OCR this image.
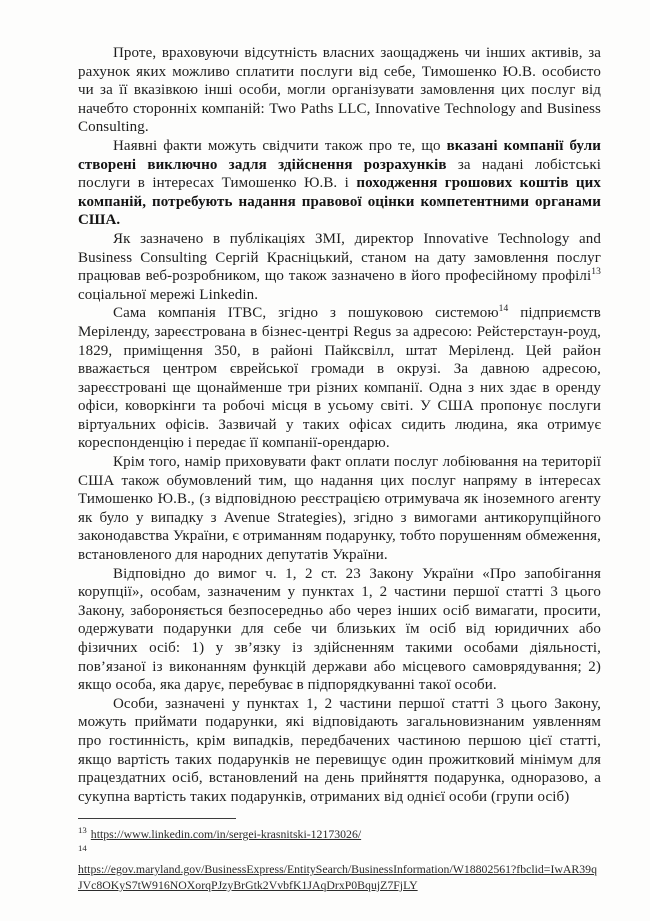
Проте, враховуючи відсутність власних заощаджень чи інших активів, за рахунок яких можливо сплатити послуги від себе, Тимошенко Ю.В. особисто чи за її вказівкою інші особи, могли організувати замовлення цих послуг від начебто сторонніх компаній: Two Paths LLC, Innovative Technology and Business Consulting.

Наявні факти можуть свідчити також про те, що вказані компанії були створені виключно задля здійснення розрахунків за надані лобістські послуги в інтересах Тимошенко Ю.В. і походження грошових коштів цих компаній, потребують надання правової оцінки компетентними органами США.

Як зазначено в публікаціях ЗМІ, директор Innovative Technology and Business Consulting Сергій Красніцький, станом на дату замовлення послуг працював веб-розробником, що також зазначено в його професійному профілі$^{13}$ соціальної мережі Linkedin.

Сама компанія ITBC, згідно з пошуковою системою$^{14}$ підприємств Меріленду, зареєстрована в бізнес-центрі Regus за адресою: Рейстерстаун-роуд, 1829, приміщення 350, в районі Пайксвілл, штат Меріленд. Цей район вважається центром єврейської громади в окрузі. За давною адресою, зареєстровані ще щонайменше три різних компанії. Одна з них здає в оренду офіси, коворкінги та робочі місця в усьому світі. У США пропонує послуги віртуальних офісів. Зазвичай у таких офісах сидить людина, яка отримує кореспонденцію і передає її компанії-орендарю.

Крім того, намір приховувати факт оплати послуг лобіювання на території США також обумовлений тим, що надання цих послуг напряму в інтересах Тимошенко Ю.В., (з відповідною реєстрацією отримувача як іноземного агенту як було у випадку з Avenue Strategies), згідно з вимогами антикорупційного законодавства України, є отриманням подарунку, тобто порушенням обмеження, встановленого для народних депутатів України.

Відповідно до вимог ч. 1, 2 ст. 23 Закону України «Про запобігання корупції», особам, зазначеним у пунктах 1, 2 частини першої статті 3 цього Закону, забороняється безпосередньо або через інших осіб вимагати, просити, одержувати подарунки для себе чи близьких їм осіб від юридичних або фізичних осіб: 1) у зв’язку із здійсненням такими особами діяльності, пов’язаної із виконанням функцій держави або місцевого самоврядування; 2) якщо особа, яка дарує, перебуває в підпорядкуванні такої особи.

Особи, зазначені у пунктах 1, 2 частини першої статті 3 цього Закону, можуть приймати подарунки, які відповідають загальновизнаним уявленням про гостинність, крім випадків, передбачених частиною першою цієї статті, якщо вартість таких подарунків не перевищує один прожитковий мінімум для працездатних осіб, встановлений на день прийняття подарунка, одноразово, а сукупна вартість таких подарунків, отриманих від однієї особи (групи осіб)

$^{13}$ https://www.linkedin.com/in/sergei-krasnitski-12173026/
$^{14}$
https://egov.maryland.gov/BusinessExpress/EntitySearch/BusinessInformation/W18802561?fbclid=IwAR39qJVc8OKyS7tW916NOXorqPJzyBrGtk2VvbfK1JAqDrxP0BqujZ7FjLY
